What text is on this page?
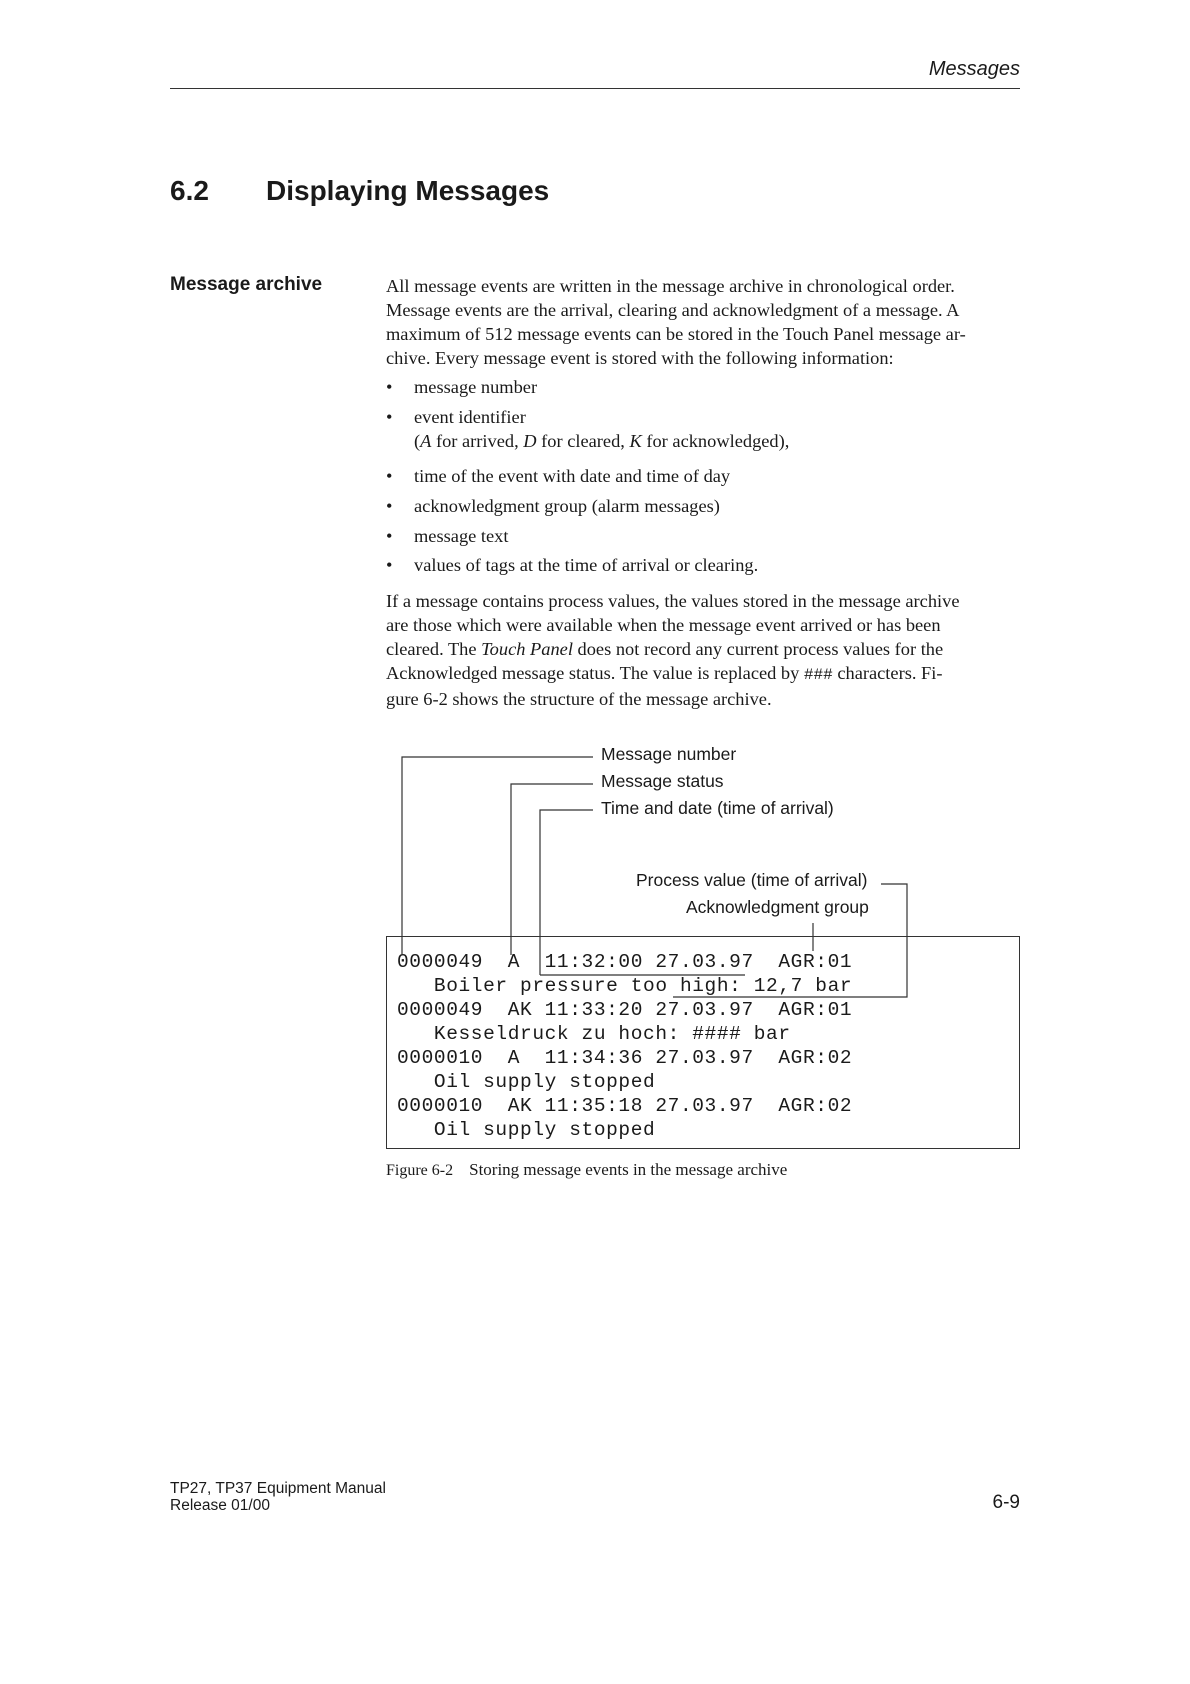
Messages
6.2 Displaying Messages
Message archive	All message events are written in the message archive in chronological order.

Message events are the arrival, clearing and acknowledgment of a message. A

maximum of 512 message events can be stored in the Touch Panel message ar-

chive. Every message event is stored with the following information:

• message number
• event identifier
(A for arrived, D for cleared, K for acknowledged),
• time of the event with date and time of day
• acknowledgment group (alarm messages)
• message text
• values of tags at the time of arrival or clearing.

If a message contains process values, the values stored in the message archive

are those which were available when the message event arrived or has been

cleared. The Touch Panel does not record any current process values for the

Acknowledged message status. The value is replaced by ### characters. Fi-

gure 6-2 shows the structure of the message archive.

Message number
Message status
Time and date (time of arrival)
Process value (time of arrival)
Acknowledgment group
0000049  A  11:32:00 27.03.97  AGR:01
Boiler pressure too high: 12,7 bar
0000049  AK 11:33:20 27.03.97  AGR:01
Kesseldruck zu hoch: #### bar
0000010  A  11:34:36 27.03.97  AGR:02
Oil supply stopped
0000010  AK 11:35:18 27.03.97  AGR:02
Oil supply stopped
Figure 6-2 Storing message events in the message archive
TP27, TP37 Equipment Manual
Release 01/00	6-9
